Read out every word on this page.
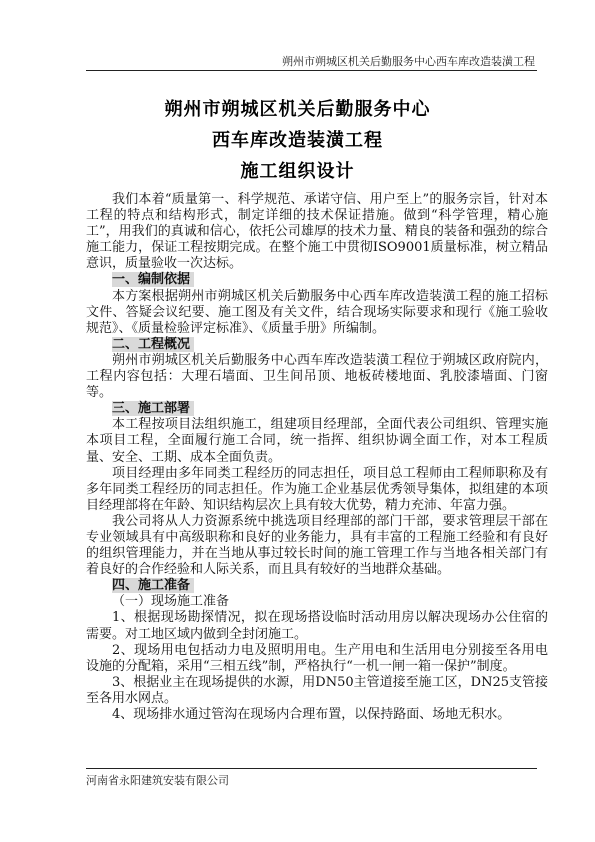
朔州市朔城区机关后勤服务中心西车库改造装潢工程
朔州市朔城区机关后勤服务中心
西车库改造装潢工程
施工组织设计

我们本着“质量第一、科学规范、承诺守信、用户至上”的服务宗旨，针对本工程的特点和结构形式，制定详细的技术保证措施。做到“科学管理，精心施工”，用我们的真诚和信心，依托公司雄厚的技术力量、精良的装备和强劲的综合施工能力，保证工程按期完成。在整个施工中贯彻ISO9001质量标准，树立精品意识，质量验收一次达标。

一、编制依据

本方案根据朔州市朔城区机关后勤服务中心西车库改造装潢工程的施工招标文件、答疑会议纪要、施工图及有关文件，结合现场实际要求和现行《施工验收规范》、《质量检验评定标准》、《质量手册》所编制。

二、工程概况

朔州市朔城区机关后勤服务中心西车库改造装潢工程位于朔城区政府院内，工程内容包括：大理石墙面、卫生间吊顶、地板砖楼地面、乳胶漆墙面、门窗等。

三、施工部署

本工程按项目法组织施工，组建项目经理部，全面代表公司组织、管理实施本项目工程，全面履行施工合同，统一指挥、组织协调全面工作，对本工程质量、安全、工期、成本全面负责。

项目经理由多年同类工程经历的同志担任，项目总工程师由工程师职称及有多年同类工程经历的同志担任。作为施工企业基层优秀领导集体，拟组建的本项目经理部将在年龄、知识结构层次上具有较大优势，精力充沛、年富力强。

我公司将从人力资源系统中挑选项目经理部的部门干部，要求管理层干部在专业领域具有中高级职称和良好的业务能力，具有丰富的工程施工经验和有良好的组织管理能力，并在当地从事过较长时间的施工管理工作与当地各相关部门有着良好的合作经验和人际关系，而且具有较好的当地群众基础。

四、施工准备

（一）现场施工准备

1、根据现场勘探情况，拟在现场搭设临时活动用房以解决现场办公住宿的需要。对工地区域内做到全封闭施工。

2、现场用电包括动力电及照明用电。生产用电和生活用电分别接至各用电设施的分配箱，采用“三相五线”制，严格执行“一机一闸一箱一保护”制度。

3、根据业主在现场提供的水源，用DN50主管道接至施工区，DN25支管接至各用水网点。

4、现场排水通过管沟在现场内合理布置，以保持路面、场地无积水。

河南省永阳建筑安装有限公司
